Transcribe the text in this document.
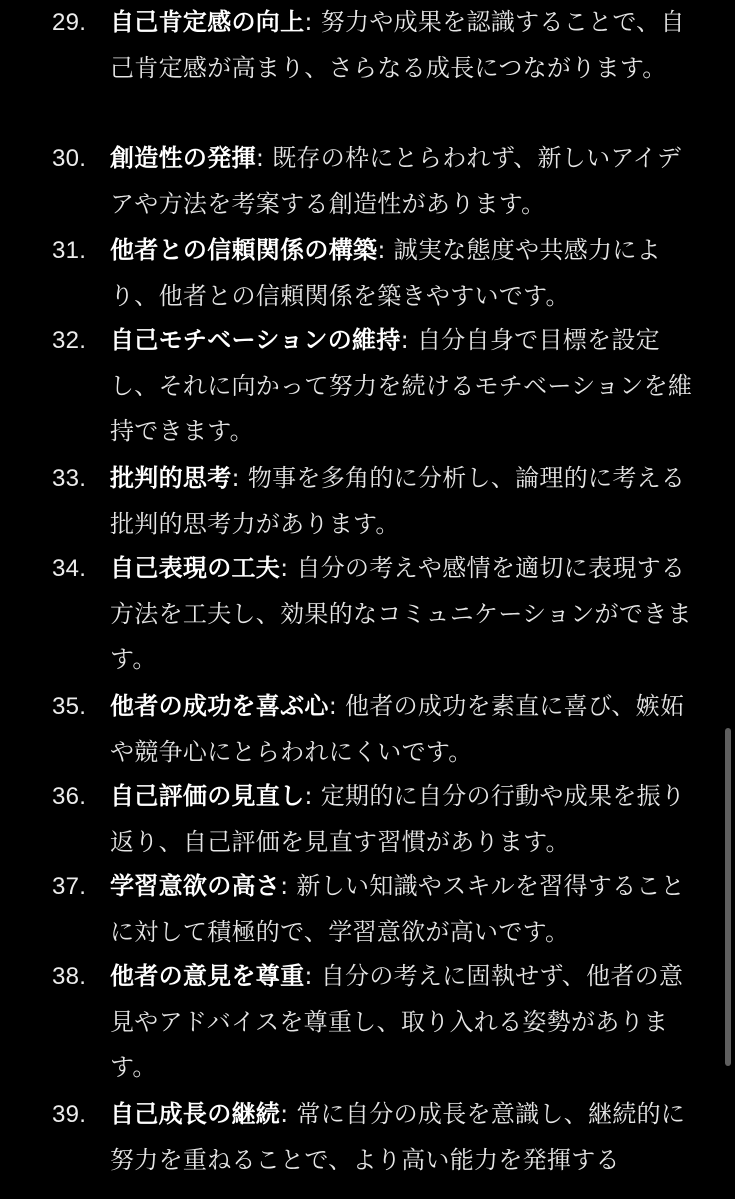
29. 自己肯定感の向上: 努力や成果を認識することで、自己肯定感が高まり、さらなる成長につながります。
30. 創造性の発揮: 既存の枠にとらわれず、新しいアイデアや方法を考案する創造性があります。
31. 他者との信頼関係の構築: 誠実な態度や共感力により、他者との信頼関係を築きやすいです。
32. 自己モチベーションの維持: 自分自身で目標を設定し、それに向かって努力を続けるモチベーションを維持できます。
33. 批判的思考: 物事を多角的に分析し、論理的に考える批判的思考力があります。
34. 自己表現の工夫: 自分の考えや感情を適切に表現する方法を工夫し、効果的なコミュニケーションができます。
35. 他者の成功を喜ぶ心: 他者の成功を素直に喜び、嫉妬や競争心にとらわれにくいです。
36. 自己評価の見直し: 定期的に自分の行動や成果を振り返り、自己評価を見直す習慣があります。
37. 学習意欲の高さ: 新しい知識やスキルを習得することに対して積極的で、学習意欲が高いです。
38. 他者の意見を尊重: 自分の考えに固執せず、他者の意見やアドバイスを尊重し、取り入れる姿勢があります。
39. 自己成長の継続: 常に自分の成長を意識し、継続的に努力を重ねることで、より高い能力を発揮する
